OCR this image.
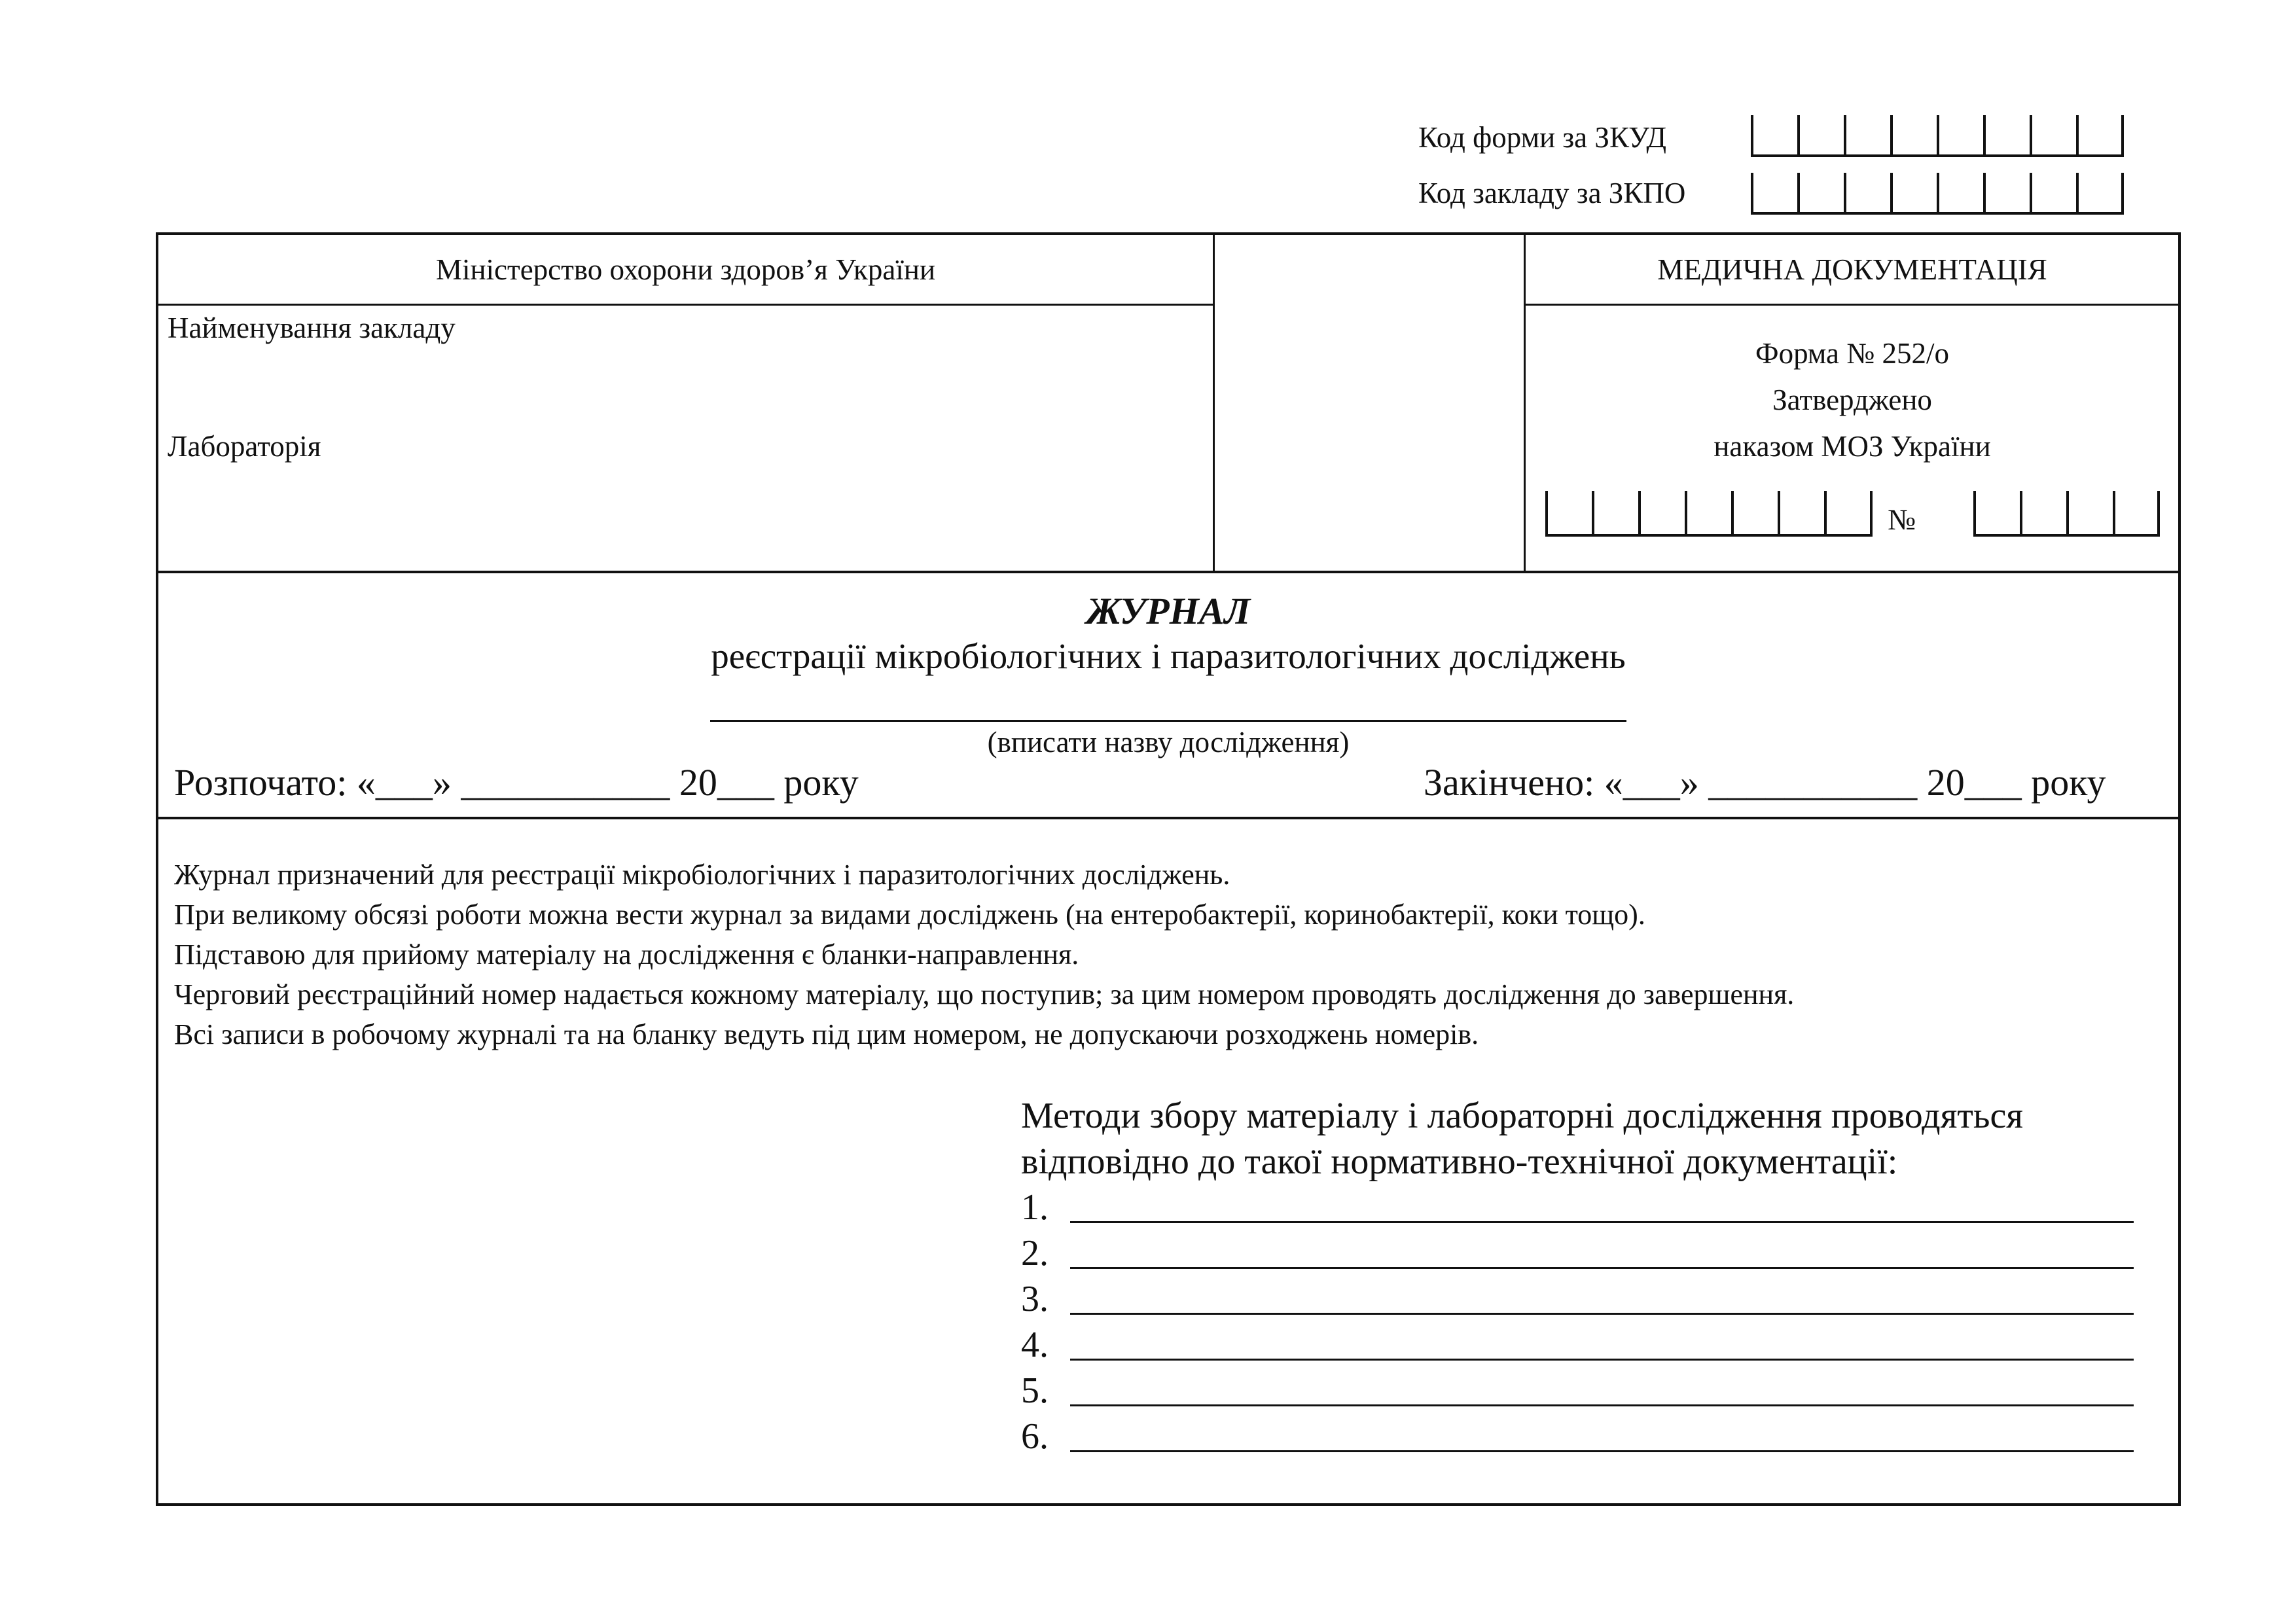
Код форми за ЗКУД
Код закладу за ЗКПО
Міністерство охорони здоров’я України
Найменування закладу
Лабораторія
МЕДИЧНА ДОКУМЕНТАЦІЯ
Форма № 252/о
Затверджено
наказом МОЗ України
№
ЖУРНАЛ
реєстрації мікробіологічних і паразитологічних досліджень
(вписати назву дослідження)
Розпочато: «___» ___________ 20___ року	Закінчено: «___» ___________ 20___ року
Журнал призначений для реєстрації мікробіологічних і паразитологічних досліджень.
При великому обсязі роботи можна вести журнал за видами досліджень (на ентеробактерії, коринобактерії, коки тощо).
Підставою для прийому матеріалу на дослідження є бланки-направлення.
Черговий реєстраційний номер надається кожному матеріалу, що поступив; за цим номером проводять дослідження до завершення.
Всі записи в робочому журналі та на бланку ведуть під цим номером, не допускаючи розходжень номерів.
Методи збору матеріалу і лабораторні дослідження проводяться
відповідно до такої нормативно-технічної документації:
1.
2.
3.
4.
5.
6.
